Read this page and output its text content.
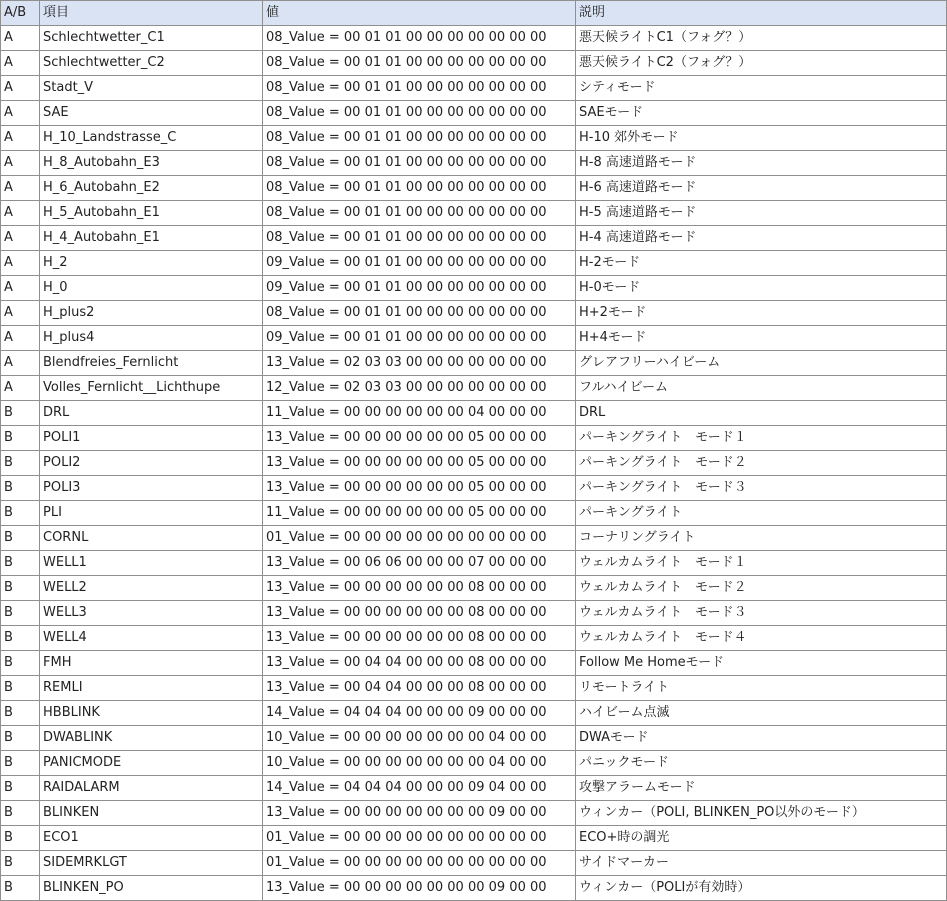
A/B	項目	値	説明
A	Schlechtwetter_C1	08_Value = 00 01 01 00 00 00 00 00 00 00	悪天候ライトC1（フォグ？）
A	Schlechtwetter_C2	08_Value = 00 01 01 00 00 00 00 00 00 00	悪天候ライトC2（フォグ？）
A	Stadt_V	08_Value = 00 01 01 00 00 00 00 00 00 00	シティモード
A	SAE	08_Value = 00 01 01 00 00 00 00 00 00 00	SAEモード
A	H_10_Landstrasse_C	08_Value = 00 01 01 00 00 00 00 00 00 00	H-10 郊外モード
A	H_8_Autobahn_E3	08_Value = 00 01 01 00 00 00 00 00 00 00	H-8 高速道路モード
A	H_6_Autobahn_E2	08_Value = 00 01 01 00 00 00 00 00 00 00	H-6 高速道路モード
A	H_5_Autobahn_E1	08_Value = 00 01 01 00 00 00 00 00 00 00	H-5 高速道路モード
A	H_4_Autobahn_E1	08_Value = 00 01 01 00 00 00 00 00 00 00	H-4 高速道路モード
A	H_2	09_Value = 00 01 01 00 00 00 00 00 00 00	H-2モード
A	H_0	09_Value = 00 01 01 00 00 00 00 00 00 00	H-0モード
A	H_plus2	08_Value = 00 01 01 00 00 00 00 00 00 00	H+2モード
A	H_plus4	09_Value = 00 01 01 00 00 00 00 00 00 00	H+4モード
A	Blendfreies_Fernlicht	13_Value = 02 03 03 00 00 00 00 00 00 00	グレアフリーハイビーム
A	Volles_Fernlicht__Lichthupe	12_Value = 02 03 03 00 00 00 00 00 00 00	フルハイビーム
B	DRL	11_Value = 00 00 00 00 00 00 04 00 00 00	DRL
B	POLI1	13_Value = 00 00 00 00 00 00 05 00 00 00	パーキングライト　モード１
B	POLI2	13_Value = 00 00 00 00 00 00 05 00 00 00	パーキングライト　モード２
B	POLI3	13_Value = 00 00 00 00 00 00 05 00 00 00	パーキングライト　モード３
B	PLI	11_Value = 00 00 00 00 00 00 05 00 00 00	パーキングライト
B	CORNL	01_Value = 00 00 00 00 00 00 00 00 00 00	コーナリングライト
B	WELL1	13_Value = 00 06 06 00 00 00 07 00 00 00	ウェルカムライト　モード１
B	WELL2	13_Value = 00 00 00 00 00 00 08 00 00 00	ウェルカムライト　モード２
B	WELL3	13_Value = 00 00 00 00 00 00 08 00 00 00	ウェルカムライト　モード３
B	WELL4	13_Value = 00 00 00 00 00 00 08 00 00 00	ウェルカムライト　モード４
B	FMH	13_Value = 00 04 04 00 00 00 08 00 00 00	Follow Me Homeモード
B	REMLI	13_Value = 00 04 04 00 00 00 08 00 00 00	リモートライト
B	HBBLINK	14_Value = 04 04 04 00 00 00 09 00 00 00	ハイビーム点滅
B	DWABLINK	10_Value = 00 00 00 00 00 00 00 04 00 00	DWAモード
B	PANICMODE	10_Value = 00 00 00 00 00 00 00 04 00 00	パニックモード
B	RAIDALARM	14_Value = 04 04 04 00 00 00 09 04 00 00	攻撃アラームモード
B	BLINKEN	13_Value = 00 00 00 00 00 00 00 09 00 00	ウィンカー（POLI, BLINKEN_PO以外のモード）
B	ECO1	01_Value = 00 00 00 00 00 00 00 00 00 00	ECO+時の調光
B	SIDEMRKLGT	01_Value = 00 00 00 00 00 00 00 00 00 00	サイドマーカー
B	BLINKEN_PO	13_Value = 00 00 00 00 00 00 00 09 00 00	ウィンカー（POLIが有効時）
